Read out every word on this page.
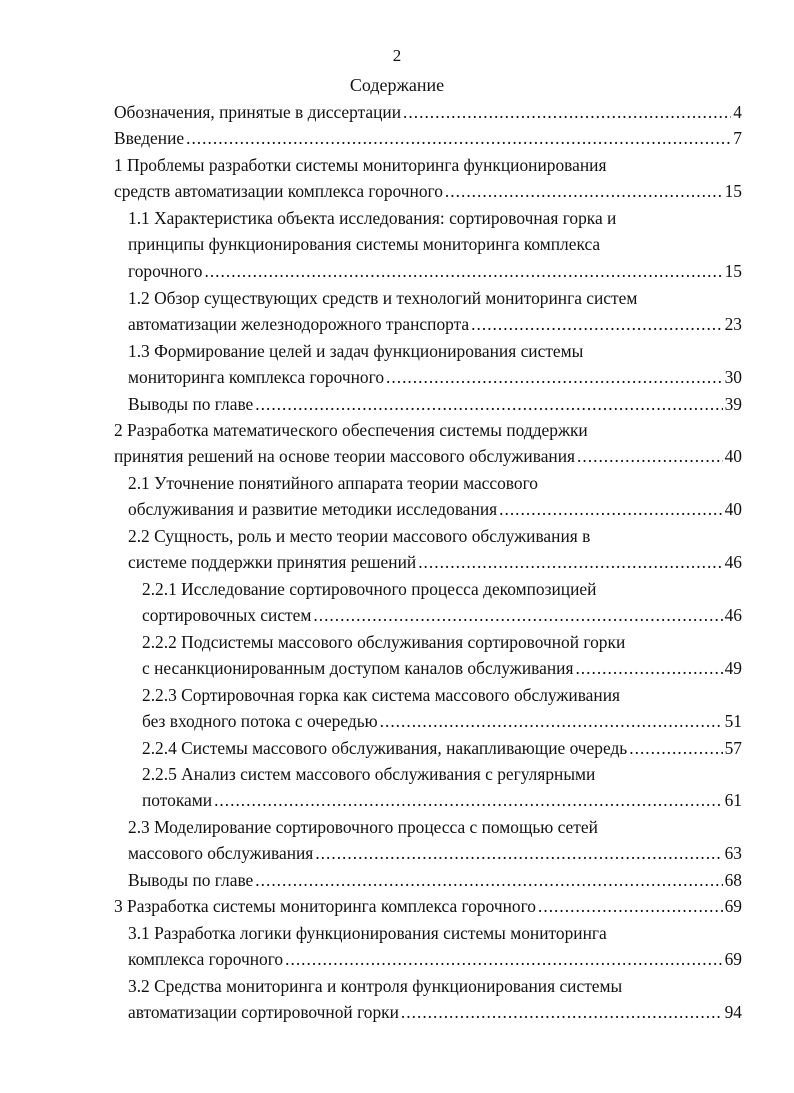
2
Содержание
Обозначения, принятые в диссертации .....	4
Введение .....	7
1 Проблемы разработки системы мониторинга функционирования
средств автоматизации комплекса горочного .....	15
1.1 Характеристика объекта исследования: сортировочная горка и
принципы функционирования системы мониторинга комплекса
горочного .....	15
1.2 Обзор существующих средств и технологий мониторинга систем
автоматизации железнодорожного транспорта .....	23
1.3 Формирование целей и задач функционирования системы
мониторинга комплекса горочного .....	30
Выводы по главе .....	39
2 Разработка математического обеспечения системы поддержки
принятия решений на основе теории массового обслуживания .....	40
2.1 Уточнение понятийного аппарата теории массового
обслуживания и развитие методики исследования .....	40
2.2 Сущность, роль и место теории массового обслуживания в
системе поддержки принятия решений .....	46
2.2.1 Исследование сортировочного процесса декомпозицией
сортировочных систем .....	46
2.2.2 Подсистемы массового обслуживания сортировочной горки
с несанкционированным доступом каналов обслуживания .....	49
2.2.3 Сортировочная горка как система массового обслуживания
без входного потока с очередью .....	51
2.2.4 Системы массового обслуживания, накапливающие очередь .....	57
2.2.5 Анализ систем массового обслуживания с регулярными
потоками .....	61
2.3 Моделирование сортировочного процесса с помощью сетей
массового обслуживания .....	63
Выводы по главе .....	68
3 Разработка системы мониторинга комплекса горочного .....	69
3.1 Разработка логики функционирования системы мониторинга
комплекса горочного .....	69
3.2 Средства мониторинга и контроля функционирования системы
автоматизации сортировочной горки .....	94
